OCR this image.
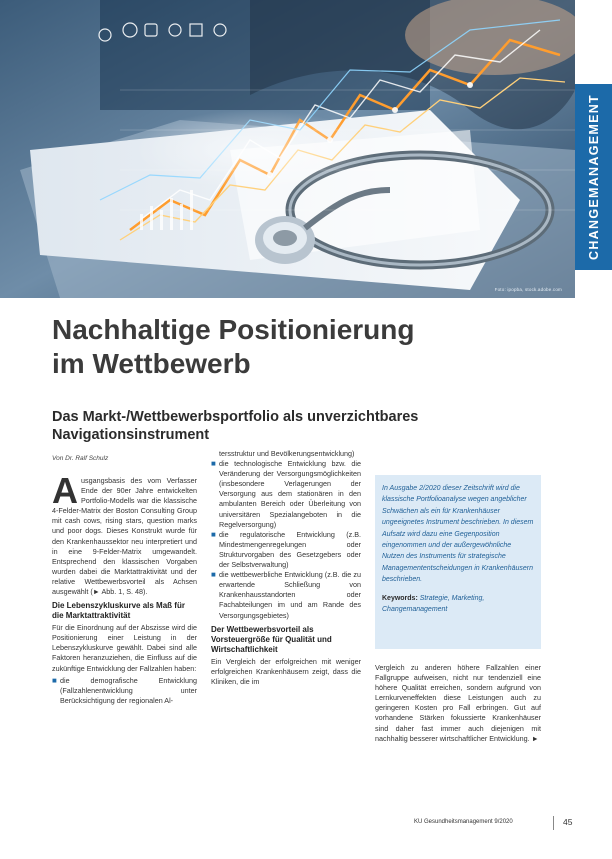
Foto: ipopba, stock.adobe.com
CHANGEMANAGEMENT
Nachhaltige Positionierung
im Wettbewerb
Das Markt-/Wettbewerbsportfolio als unverzichtbares
Navigationsinstrument
Von Dr. Ralf Schulz

A usgangsbasis des vom Verfasser Ende der 90er Jahre entwickelten Portfolio-Modells war die klassische 4-Felder-Matrix der Boston Consulting Group mit cash cows, rising stars, question marks und poor dogs. Dieses Konstrukt wurde für den Krankenhaussektor neu interpretiert und in eine 9-Felder-Matrix umgewandelt. Entsprechend den klassischen Vorgaben wurden dabei die Marktattraktivität und der relative Wettbewerbsvorteil als Achsen ausgewählt (► Abb. 1, S. 48).

Die Lebenszykluskurve als Maß für die Marktattraktivität

Für die Einordnung auf der Abszisse wird die Positionierung einer Leistung in der Lebenszykluskurve gewählt. Dabei sind alle Faktoren heranzuziehen, die Einfluss auf die zukünftige Entwicklung der Fallzahlen haben:

■ die demografische Entwicklung (Fallzahlenentwicklung unter Berücksichtigung der regionalen Al-
tersstruktur und Bevölkerungsentwicklung)
■ die technologische Entwicklung bzw. die Veränderung der Versorgungsmöglichkeiten (insbesondere Verlagerungen der Versorgung aus dem stationären in den ambulanten Bereich oder Überleitung von universitären Spezialangeboten in die Regelversorgung)
■ die regulatorische Entwicklung (z.B. Mindestmengenregelungen oder Strukturvorgaben des Gesetzgebers oder der Selbstverwaltung)
■ die wettbewerbliche Entwicklung (z.B. die zu erwartende Schließung von Krankenhausstandorten oder Fachabteilungen im und am Rande des Versorgungsgebietes)
Der Wettbewerbsvorteil als Vorsteuergröße für Qualität und Wirtschaftlichkeit

Ein Vergleich der erfolgreichen mit weniger erfolgreichen Krankenhäusern zeigt, dass die Kliniken, die im

In Ausgabe 2/2020 dieser Zeitschrift wird die klassische Portfolioanalyse wegen angeblicher Schwächen als ein für Krankenhäuser ungeeignetes Instrument beschrieben. In diesem Aufsatz wird dazu eine Gegenposition eingenommen und der außergewöhnliche Nutzen des Instruments für strategische Managemententscheidungen in Krankenhäusern beschrieben.

Keywords: Strategie, Marketing, Changemanagement

Vergleich zu anderen höhere Fallzahlen einer Fallgruppe aufweisen, nicht nur tendenziell eine höhere Qualität erreichen, sondern aufgrund von Lernkurveneffekten diese Leistungen auch zu geringeren Kosten pro Fall erbringen. Gut auf vorhandene Stärken fokussierte Krankenhäuser sind daher fast immer auch diejenigen mit nachhaltig besserer wirtschaftlicher Entwicklung. ►

KU Gesundheitsmanagement 9/2020	45
